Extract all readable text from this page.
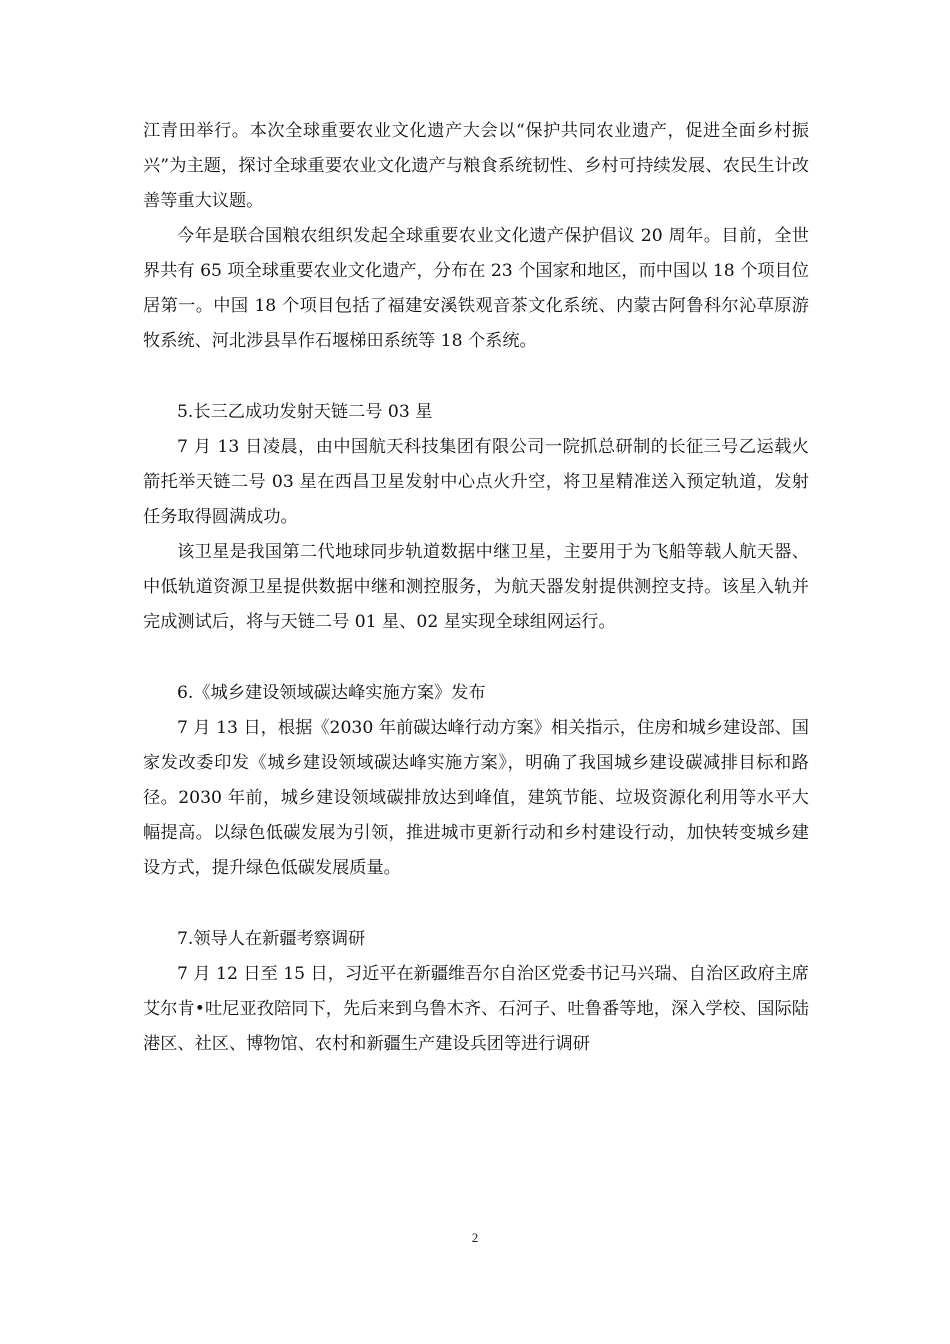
江青田举行。本次全球重要农业文化遗产大会以“保护共同农业遗产，促进全面乡村振兴”为主题，探讨全球重要农业文化遗产与粮食系统韧性、乡村可持续发展、农民生计改善等重大议题。

今年是联合国粮农组织发起全球重要农业文化遗产保护倡议 20 周年。目前，全世界共有 65 项全球重要农业文化遗产，分布在 23 个国家和地区，而中国以 18 个项目位居第一。中国 18 个项目包括了福建安溪铁观音茶文化系统、内蒙古阿鲁科尔沁草原游牧系统、河北涉县旱作石堰梯田系统等 18 个系统。

5.长三乙成功发射天链二号 03 星

7 月 13 日凌晨，由中国航天科技集团有限公司一院抓总研制的长征三号乙运载火箭托举天链二号 03 星在西昌卫星发射中心点火升空，将卫星精准送入预定轨道，发射任务取得圆满成功。

该卫星是我国第二代地球同步轨道数据中继卫星，主要用于为飞船等载人航天器、中低轨道资源卫星提供数据中继和测控服务，为航天器发射提供测控支持。该星入轨并完成测试后，将与天链二号 01 星、02 星实现全球组网运行。

6.《城乡建设领域碳达峰实施方案》发布

7 月 13 日，根据《2030 年前碳达峰行动方案》相关指示，住房和城乡建设部、国家发改委印发《城乡建设领域碳达峰实施方案》，明确了我国城乡建设碳减排目标和路径。2030 年前，城乡建设领域碳排放达到峰值，建筑节能、垃圾资源化利用等水平大幅提高。以绿色低碳发展为引领，推进城市更新行动和乡村建设行动，加快转变城乡建设方式，提升绿色低碳发展质量。

7.领导人在新疆考察调研

7 月 12 日至 15 日，习近平在新疆维吾尔自治区党委书记马兴瑞、自治区政府主席艾尔肯•吐尼亚孜陪同下，先后来到乌鲁木齐、石河子、吐鲁番等地，深入学校、国际陆港区、社区、博物馆、农村和新疆生产建设兵团等进行调研

2
